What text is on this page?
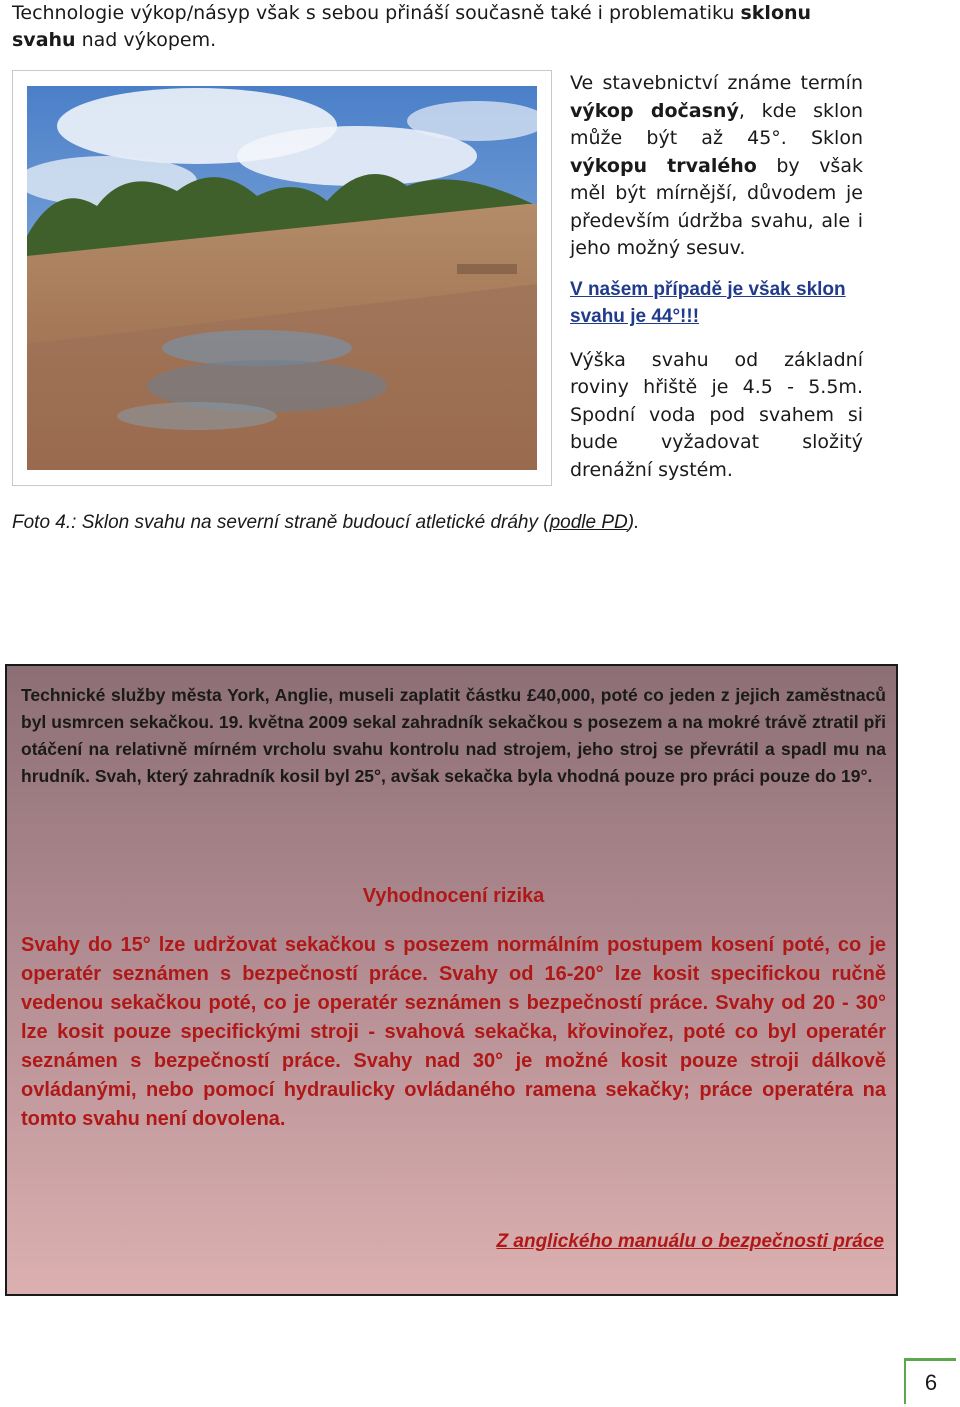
Technologie výkop/násyp však s sebou přináší současně také i problematiku sklonu svahu nad výkopem.

Ve stavebnictví známe termín výkop dočasný, kde sklon může být až 45°. Sklon výkopu trvalého by však měl být mírnější, důvodem je především údržba svahu, ale i jeho možný sesuv.

V našem případě je však sklon svahu je 44°!!!

Výška svahu od základní roviny hřiště je 4.5 - 5.5m. Spodní voda pod svahem si bude vyžadovat složitý drenážní systém.

Foto 4.: Sklon svahu na severní straně budoucí atletické dráhy (podle PD).

Technické služby města York, Anglie, museli zaplatit částku £40,000, poté co jeden z jejich zaměstnaců byl usmrcen sekačkou. 19. května 2009 sekal zahradník sekačkou s posezem a na mokré trávě ztratil při otáčení na relativně mírném vrcholu svahu kontrolu nad strojem, jeho stroj se převrátil a spadl mu na hrudník. Svah, který zahradník kosil byl 25°, avšak sekačka byla vhodná pouze pro práci pouze do 19°.

Vyhodnocení rizika

Svahy do 15° lze udržovat sekačkou s posezem normálním postupem kosení poté, co je operatér seznámen s bezpečností práce. Svahy od 16-20° lze kosit specifickou ručně vedenou sekačkou poté, co je operatér seznámen s bezpečností práce. Svahy od 20 - 30° lze kosit pouze specifickými stroji - svahová sekačka, křovinořez, poté co byl operatér seznámen s bezpečností práce. Svahy nad 30° je možné kosit pouze stroji dálkově ovládanými, nebo pomocí hydraulicky ovládaného ramena sekačky; práce operatéra na tomto svahu není dovolena.

Z anglického manuálu o bezpečnosti práce

6
